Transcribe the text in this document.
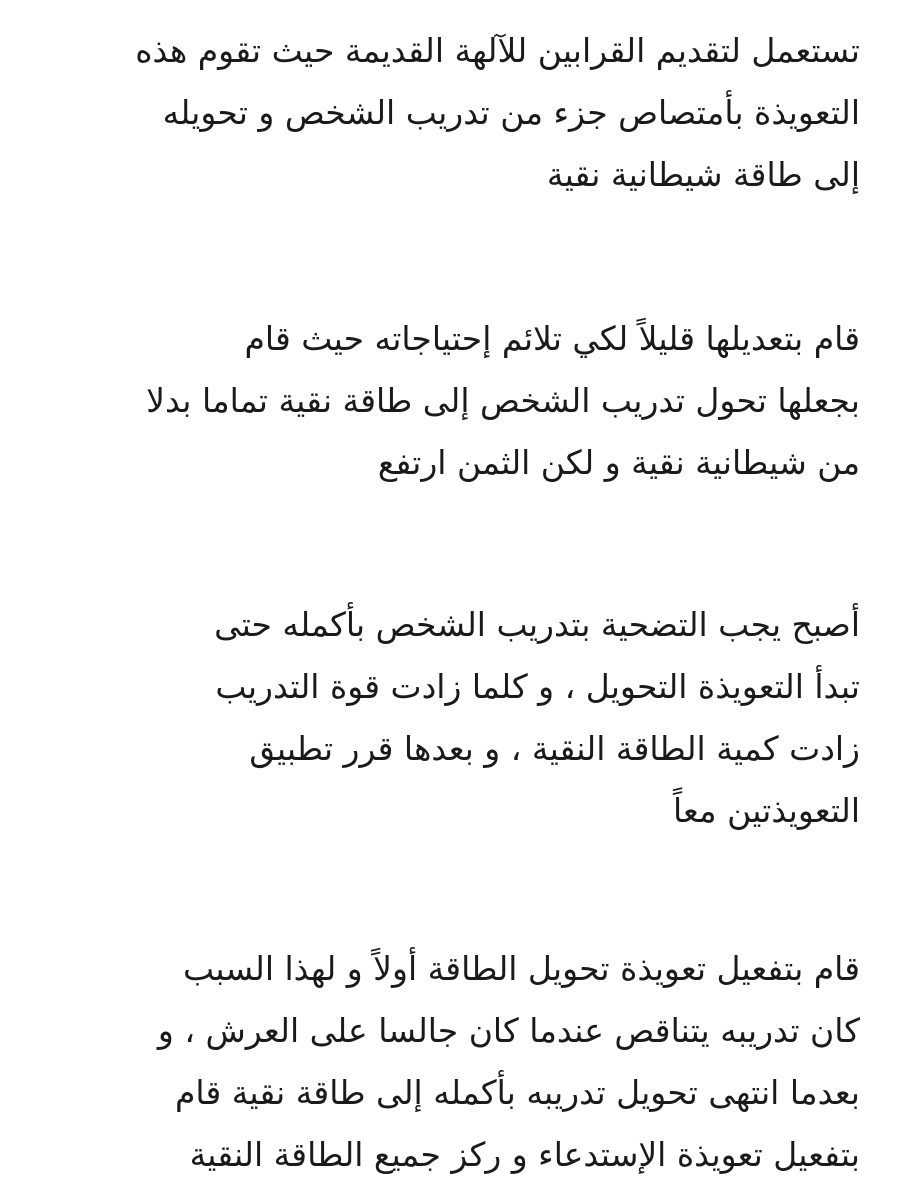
تستعمل لتقديم القرابين للآلهة القديمة حيث تقوم هذه
التعويذة بأمتصاص جزء من تدريب الشخص و تحويله
إلى طاقة شيطانية نقية

قام بتعديلها قليلاً لكي تلائم إحتياجاته حيث قام
بجعلها تحول تدريب الشخص إلى طاقة نقية تماما بدلا
من شيطانية نقية و لكن الثمن ارتفع

أصبح يجب التضحية بتدريب الشخص بأكمله حتى
تبدأ التعويذة التحويل ، و كلما زادت قوة التدريب
زادت كمية الطاقة النقية ، و بعدها قرر تطبيق
التعويذتين معاً

قام بتفعيل تعويذة تحويل الطاقة أولاً و لهذا السبب
كان تدريبه يتناقص عندما كان جالسا على العرش ، و
بعدما انتهى تحويل تدريبه بأكمله إلى طاقة نقية قام
بتفعيل تعويذة الإستدعاء و ركز جميع الطاقة النقية
